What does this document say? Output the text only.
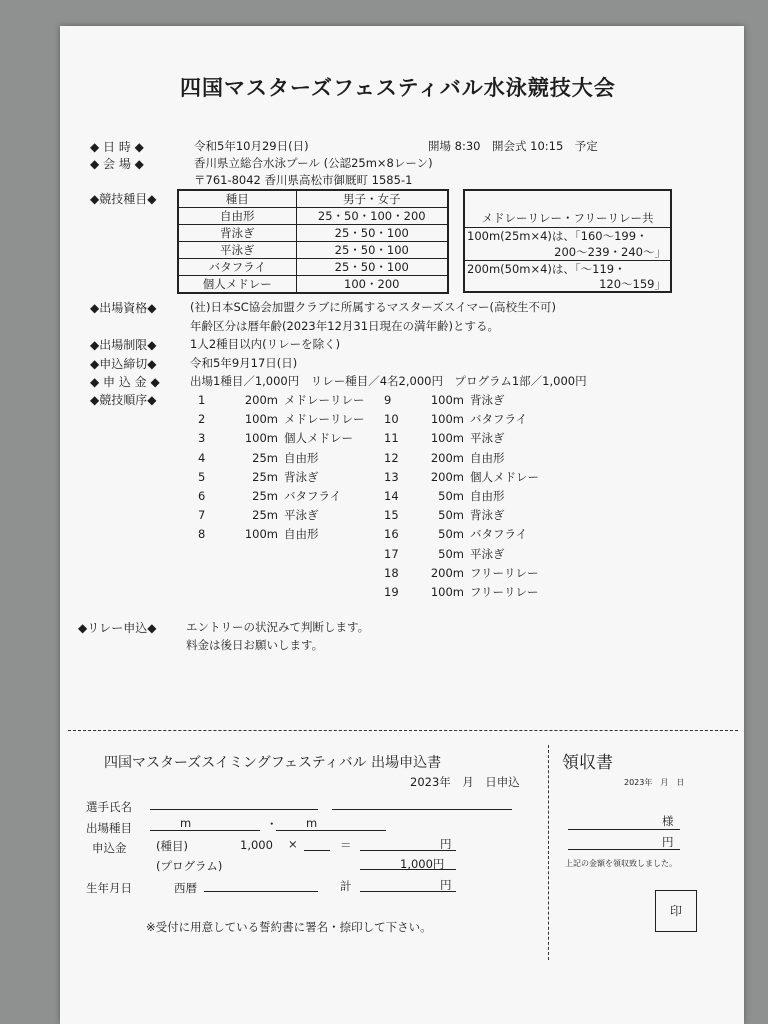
四国マスターズフェスティバル水泳競技大会
◆ 日 時 ◆	令和5年10月29日(日)	開場 8:30　開会式 10:15　予定
◆ 会 場 ◆	香川県立総合水泳プール (公認25m×8レーン)
〒761-8042 香川県高松市御厩町 1585-1
◆競技種目◆	種目	男子・女子
自由形	25・50・100・200
背泳ぎ	25・50・100
平泳ぎ	25・50・100
バタフライ	25・50・100
個人メドレー	100・200
メドレーリレー・フリーリレー共
100m(25m×4)は、「160～199・
200～239・240～」
200m(50m×4)は、「～119・
120～159」
◆出場資格◆	(社)日本SC協会加盟クラブに所属するマスターズスイマー(高校生不可)
年齢区分は暦年齢(2023年12月31日現在の満年齢)とする。
◆出場制限◆	1人2種目以内(リレーを除く)
◆申込締切◆	令和5年9月17日(日)
◆ 申 込 金 ◆	出場1種目／1,000円　リレー種目／4名2,000円　プログラム1部／1,000円
◆競技順序◆	1	200m メドレーリレー
2	100m メドレーリレー
3	100m 個人メドレー
4	25m 自由形
5	25m 背泳ぎ
6	25m バタフライ
7	25m 平泳ぎ
8	100m 自由形
9	100m 背泳ぎ
10	100m バタフライ
11	100m 平泳ぎ
12	200m 自由形
13	200m 個人メドレー
14	50m 自由形
15	50m 背泳ぎ
16	50m バタフライ
17	50m 平泳ぎ
18	200m フリーリレー
19	100m フリーリレー
◆リレー申込◆	エントリーの状況みて判断します。
料金は後日お願いします。
四国マスターズスイミングフェスティバル 出場申込書
2023年　月　日申込
選手氏名
出場種目	m	・ m
申込金	(種目)	1,000 ×	＝	円
(プログラム)	1,000円
生年月日	西暦	計	円
※受付に用意している誓約書に署名・捺印して下さい。
領収書
2023年　月　日
様
円
上記の金額を領収致しました。
印
